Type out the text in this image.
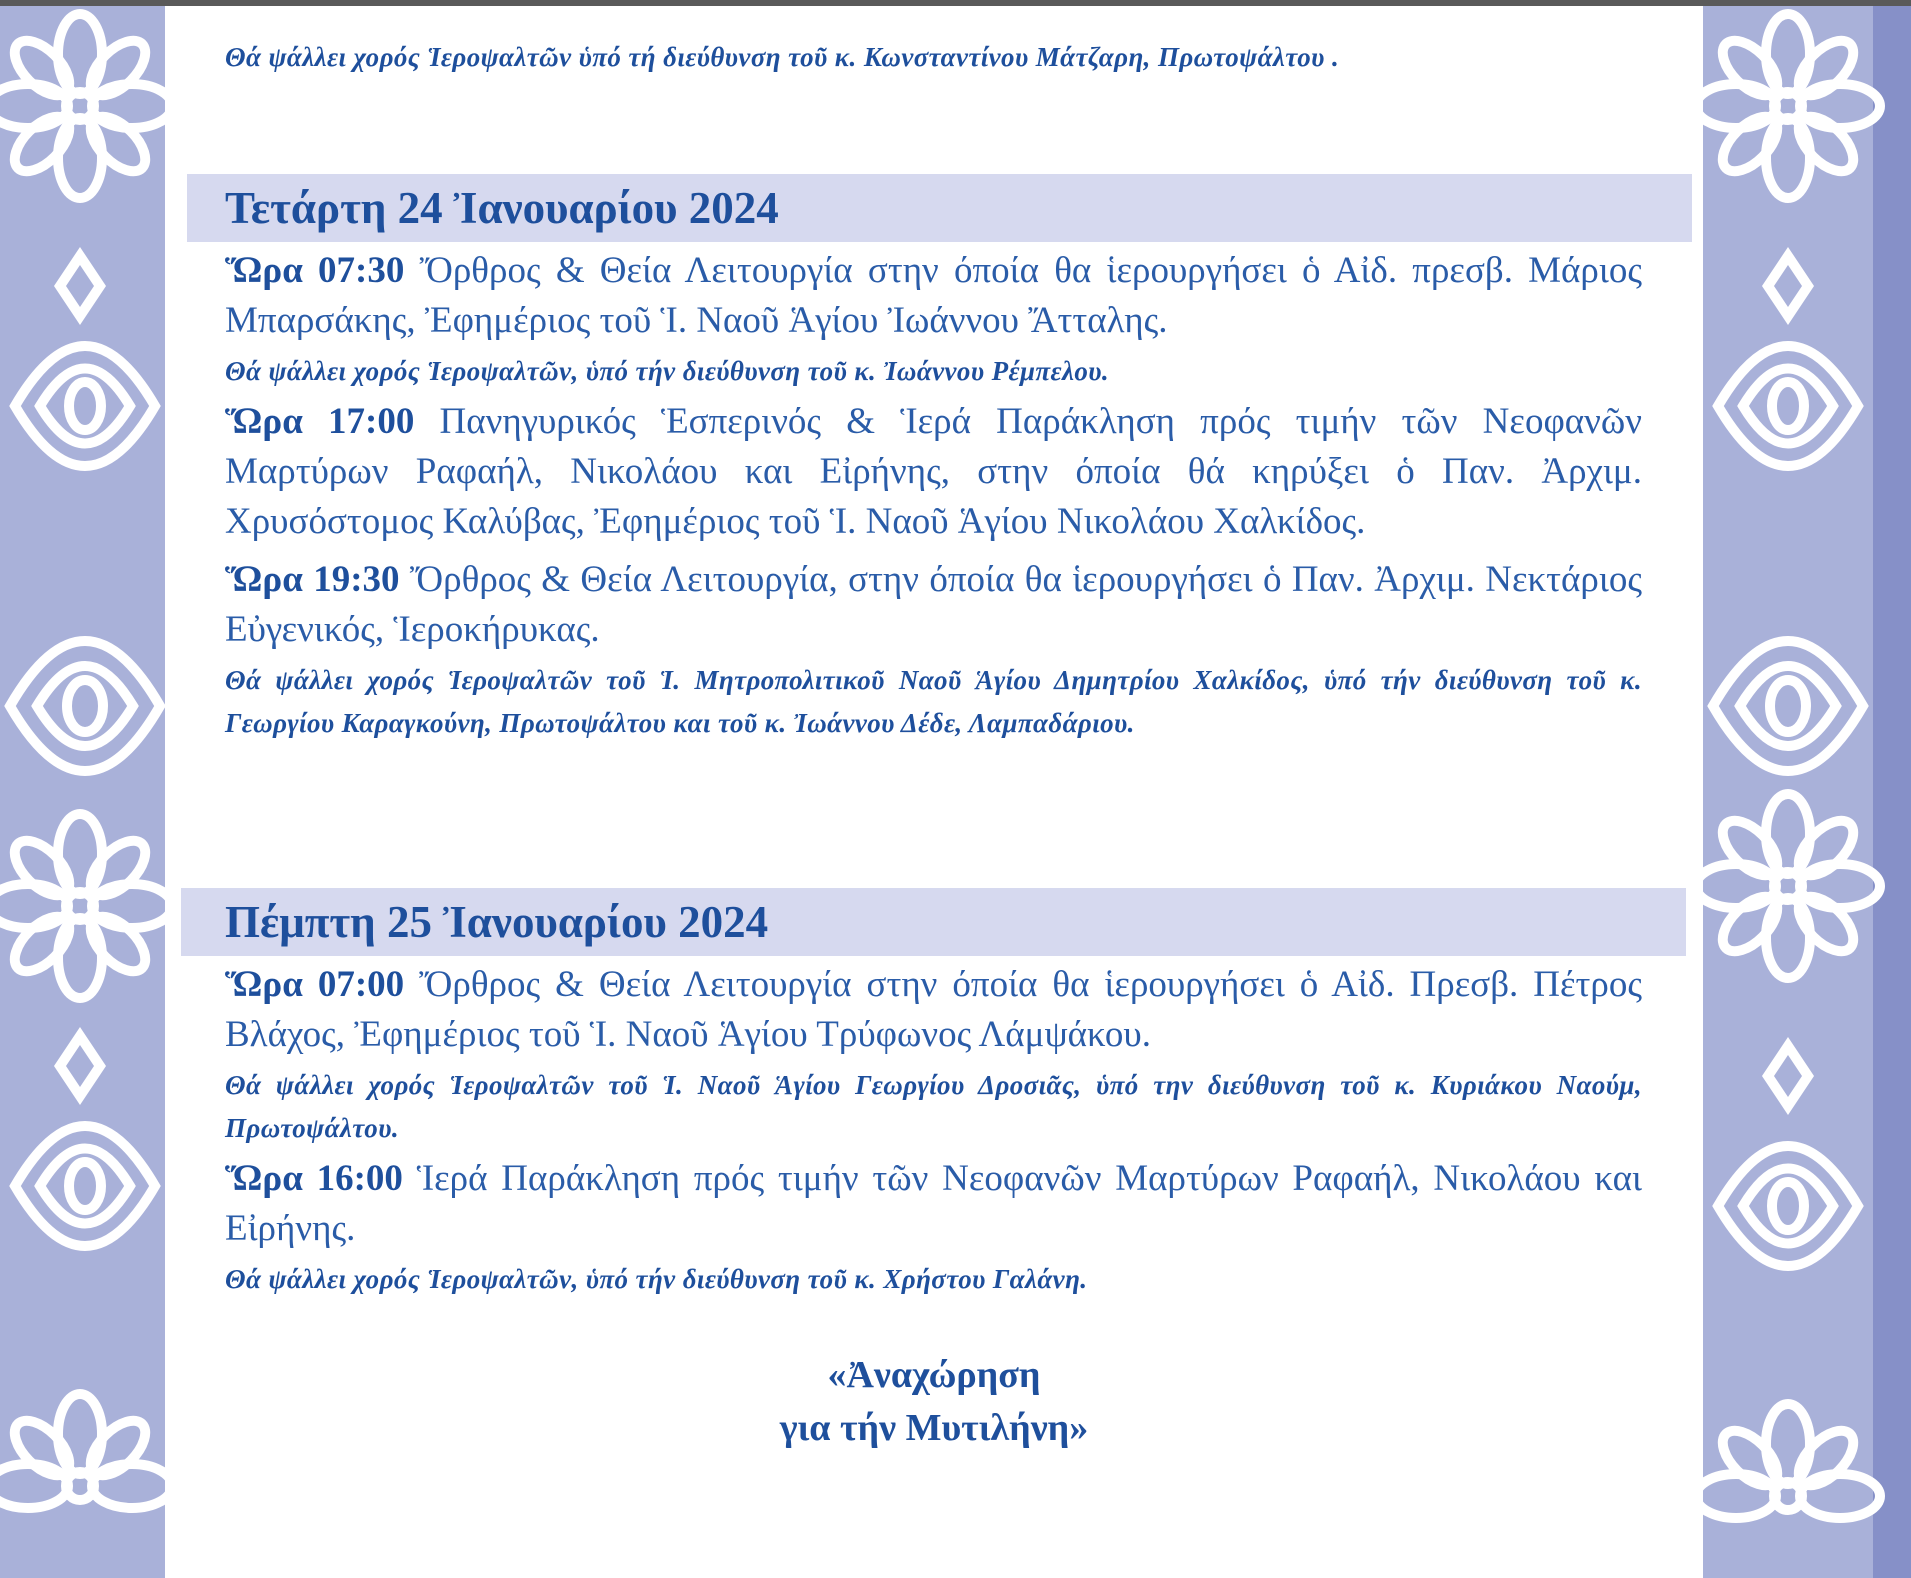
Θά ψάλλει χορός Ἱεροψαλτῶν ὑπό τή διεύθυνση τοῦ κ. Κωνσταντίνου Μάτζαρη, Πρωτοψάλτου .

Τετάρτη 24 Ἰανουαρίου 2024

Ὥρα 07:30 Ὄρθρος & Θεία Λειτουργία στην όποία θα ἱερουργήσει ὁ Αἰδ. πρεσβ. Μάριος Μπαρσάκης, Ἐφημέριος τοῦ Ἱ. Ναοῦ Ἁγίου Ἰωάννου Ἄτταλης.

Θά ψάλλει χορός Ἱεροψαλτῶν, ὑπό τήν διεύθυνση τοῦ κ. Ἰωάννου Ρέμπελου.

Ὥρα 17:00 Πανηγυρικός Ἑσπερινός & Ἱερά Παράκληση πρός τιμήν τῶν Νεοφανῶν Μαρτύρων Ραφαήλ, Νικολάου και Εἰρήνης, στην όποία θά κηρύξει ὁ Παν. Ἀρχιμ. Χρυσόστομος Καλύβας, Ἐφημέριος τοῦ Ἱ. Ναοῦ Ἁγίου Νικολάου Χαλκίδος.

Ὥρα 19:30 Ὄρθρος & Θεία Λειτουργία, στην όποία θα ἱερουργήσει ὁ Παν. Ἀρχιμ. Νεκτάριος Εὐγενικός, Ἱεροκήρυκας.

Θά ψάλλει χορός Ἱεροψαλτῶν τοῦ Ἱ. Μητροπολιτικοῦ Ναοῦ Ἁγίου Δημητρίου Χαλκίδος, ὑπό τήν διεύθυνση τοῦ κ. Γεωργίου Καραγκούνη, Πρωτοψάλτου και τοῦ κ. Ἰωάννου Δέδε, Λαμπαδάριου.

Πέμπτη 25 Ἰανουαρίου 2024

Ὥρα 07:00 Ὄρθρος & Θεία Λειτουργία στην όποία θα ἱερουργήσει ὁ Αἰδ. Πρεσβ. Πέτρος Βλάχος, Ἐφημέριος τοῦ Ἱ. Ναοῦ Ἁγίου Τρύφωνος Λάμψάκου.

Θά ψάλλει χορός Ἱεροψαλτῶν τοῦ Ἱ. Ναοῦ Ἁγίου Γεωργίου Δροσιᾶς, ὑπό την διεύθυνση τοῦ κ. Κυριάκου Ναούμ, Πρωτοψάλτου.

Ὥρα 16:00 Ἱερά Παράκληση πρός τιμήν τῶν Νεοφανῶν Μαρτύρων Ραφαήλ, Νικολάου και Εἰρήνης.

Θά ψάλλει χορός Ἱεροψαλτῶν, ὑπό τήν διεύθυνση τοῦ κ. Χρήστου Γαλάνη.

«Ἀναχώρηση
για τήν Μυτιλήνη»
